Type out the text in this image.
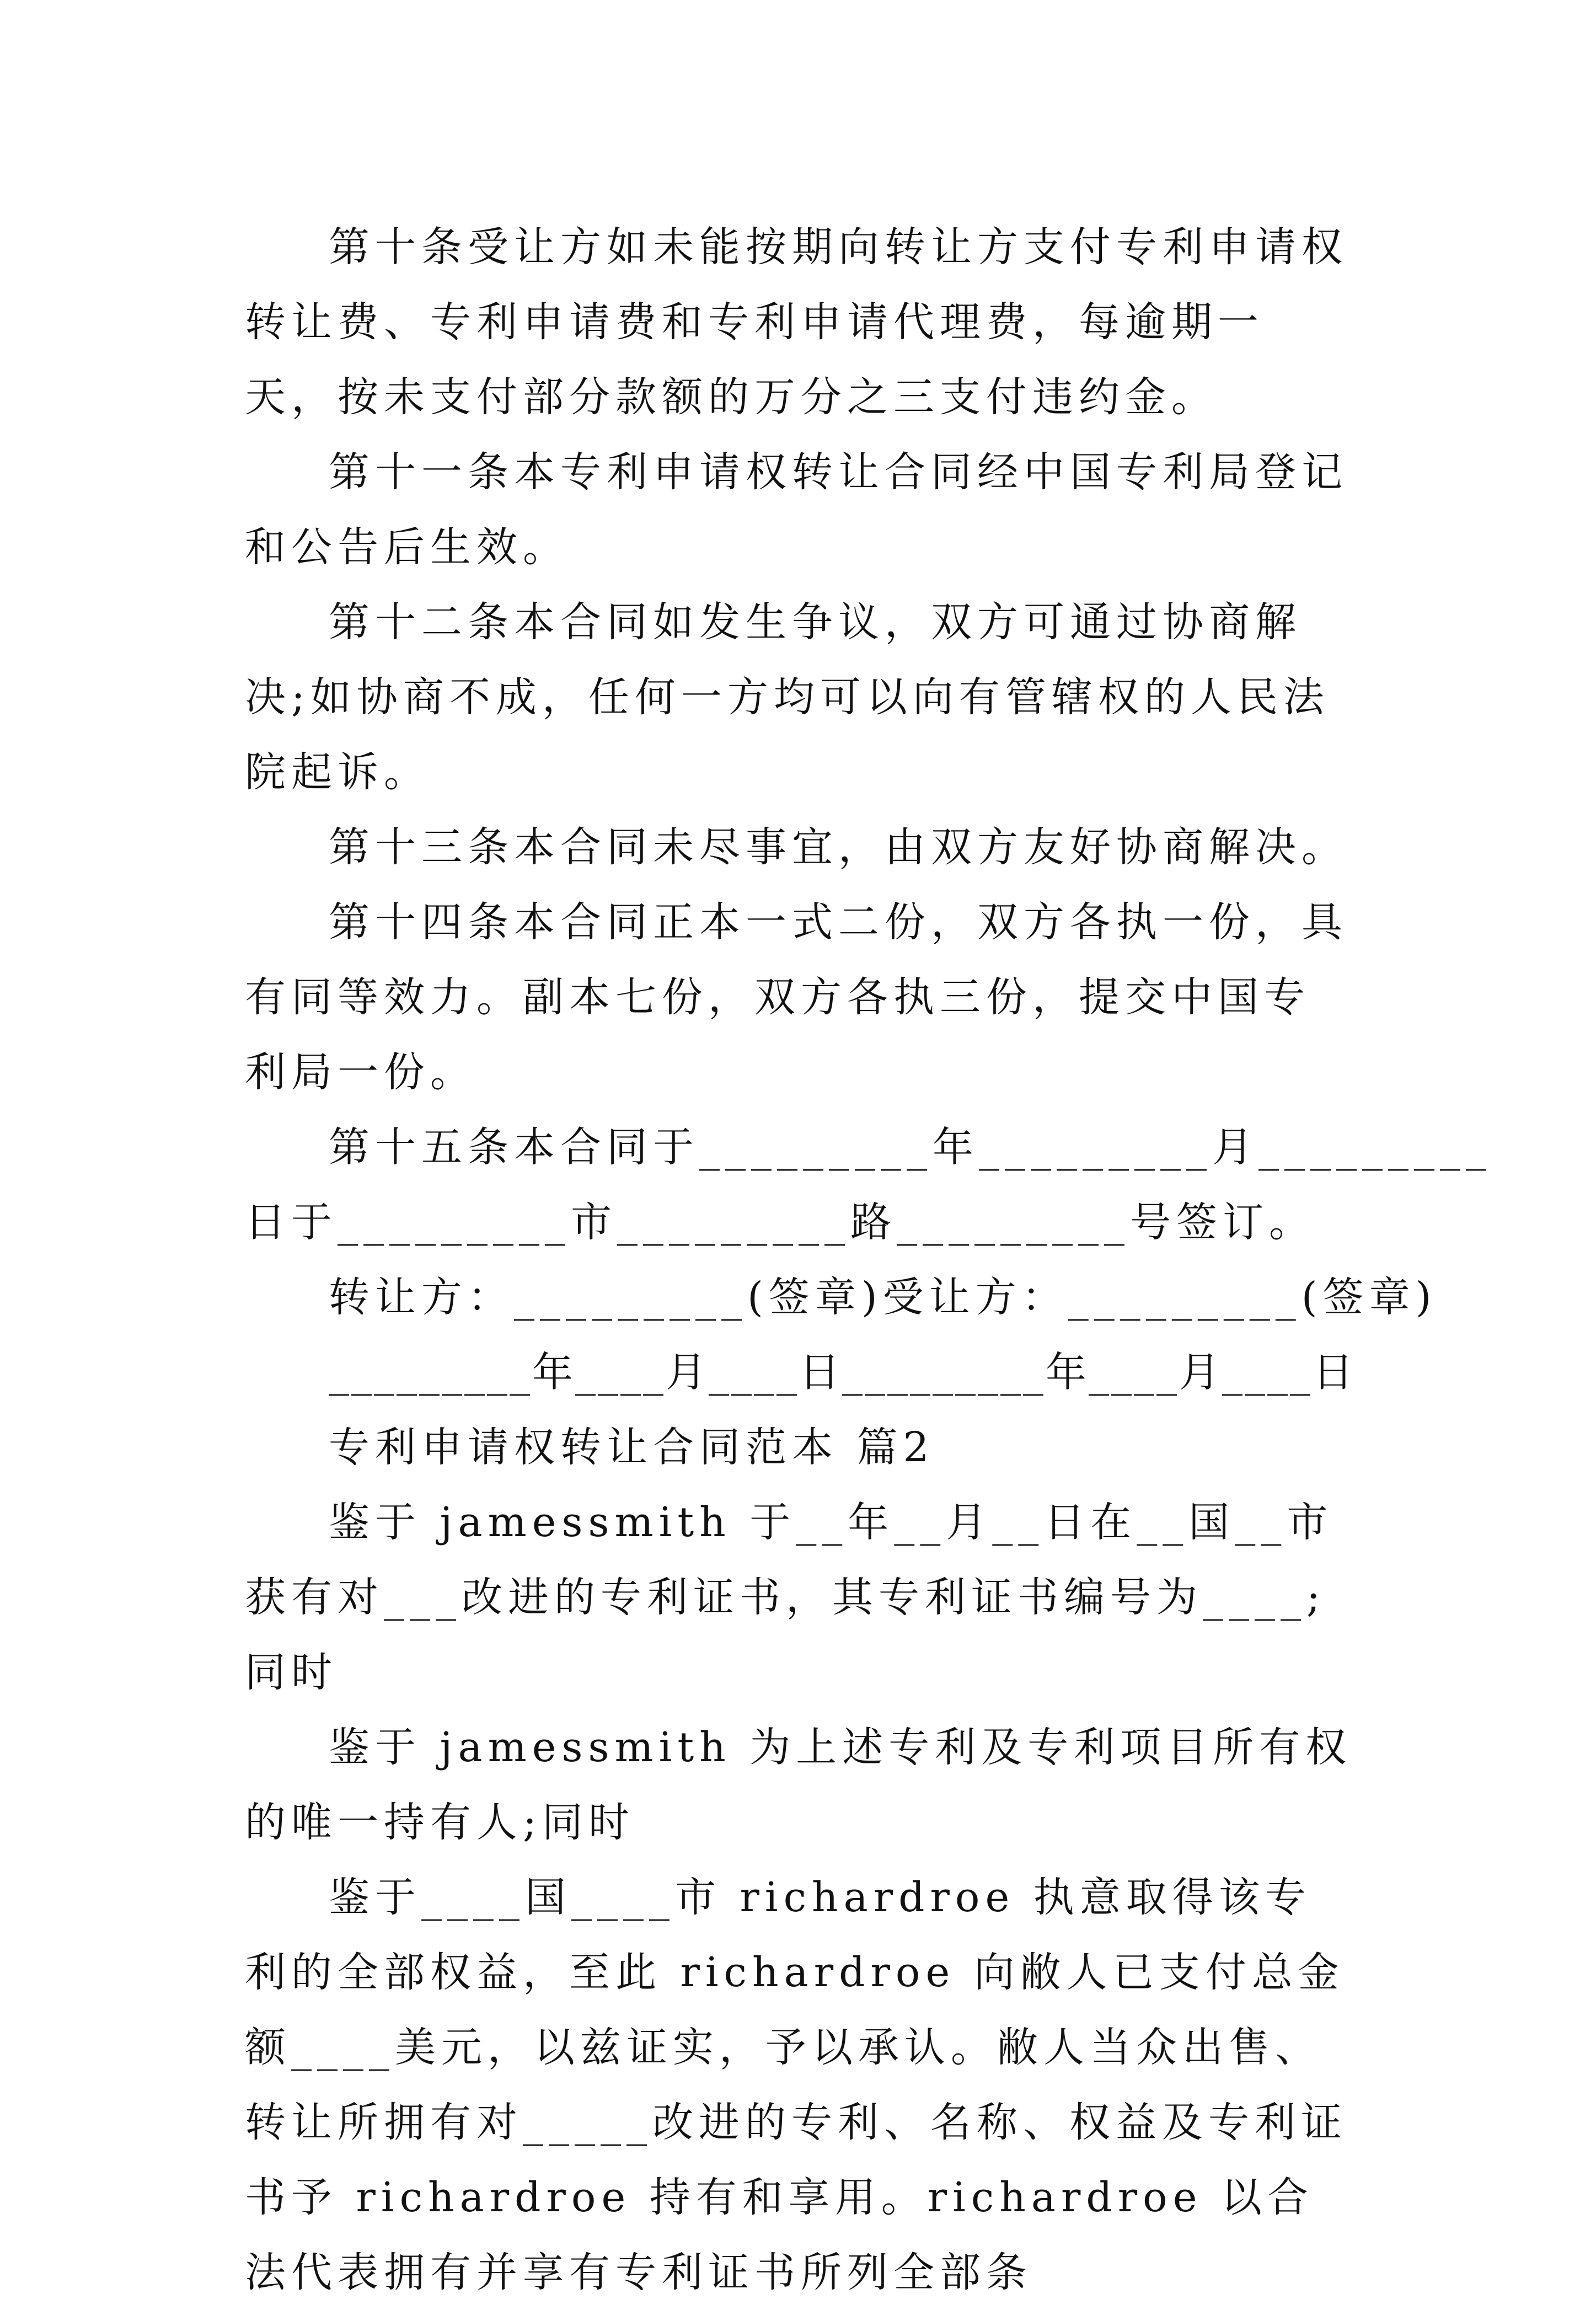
第十条受让方如未能按期向转让方支付专利申请权转让费、专利申请费和专利申请代理费，每逾期一天，按未支付部分款额的万分之三支付违约金。

第十一条本专利申请权转让合同经中国专利局登记和公告后生效。

第十二条本合同如发生争议，双方可通过协商解决;如协商不成，任何一方均可以向有管辖权的人民法院起诉。

第十三条本合同未尽事宜，由双方友好协商解决。

第十四条本合同正本一式二份，双方各执一份，具有同等效力。副本七份，双方各执三份，提交中国专利局一份。

第十五条本合同于_________年_________月_________

日于_________市_________路_________号签订。

转让方：_________(签章)受让方：_________(签章)

_________年____月____日_________年____月____日

专利申请权转让合同范本 篇2

鉴于 jamessmith 于__年__月__日在__国__市获有对___改进的专利证书，其专利证书编号为____;同时

鉴于 jamessmith 为上述专利及专利项目所有权的唯一持有人;同时

鉴于____国____市 richardroe 执意取得该专利的全部权益，至此 richardroe 向敝人已支付总金额____美元，以兹证实，予以承认。敝人当众出售、转让所拥有对_____改进的专利、名称、权益及专利证书予 richardroe 持有和享用。richardroe 以合法代表拥有并享有专利证书所列全部条
